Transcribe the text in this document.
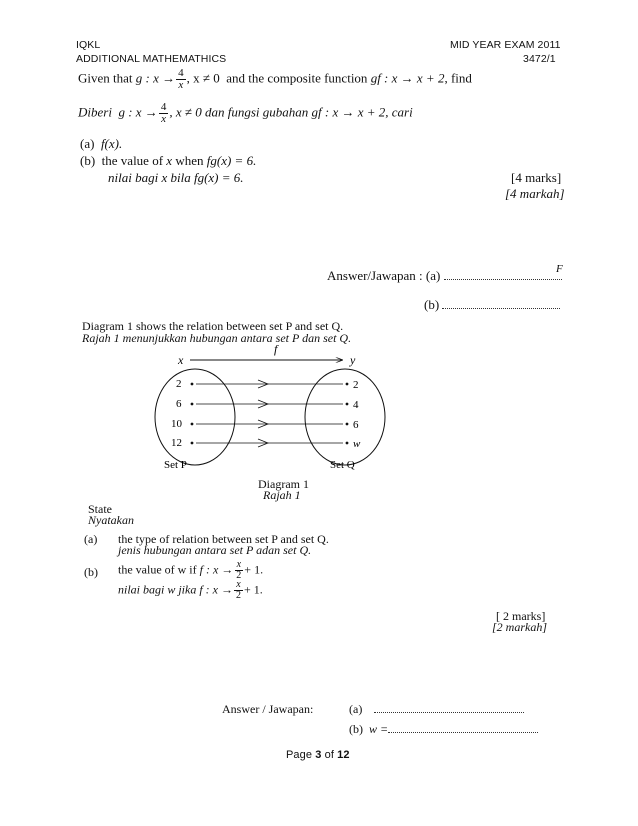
IQKL
ADDITIONAL MATHEMATHICS
MID YEAR EXAM 2011
3472/1
Given that g : $x \to \frac{4}{x}$ , x ≠ 0 and the composite function gf : x → x + 2, find
Diberi g : $x \to \frac{4}{x}$ , x ≠ 0 dan fungsi gubahan gf : x → x + 2, cari
(a) f(x).
(b) the value of x when fg(x) = 6.
nilai bagi x bila fg(x) = 6.	[4 marks]
[4 markah]
Answer/Jawapan : (a)	F
(b)
Diagram 1 shows the relation between set P and set Q.
Rajah 1 menunjukkan hubungan antara set P dan set Q.
f
x	y
2
6
10
12
2
4
6
w
Set P	Set Q
Diagram 1
Rajah 1
State
Nyatakan
(a) the type of relation between set P and set Q.
jenis hubungan antara set P adan set Q.
(b) the value of w if f : $x \to \frac{x}{2} + 1$.
nilai bagi w jika f : $x \to \frac{x}{2} + 1$.
[ 2 marks]
[2 markah]
Answer / Jawapan:	(a)
(b) w =
Page 3 of 12
